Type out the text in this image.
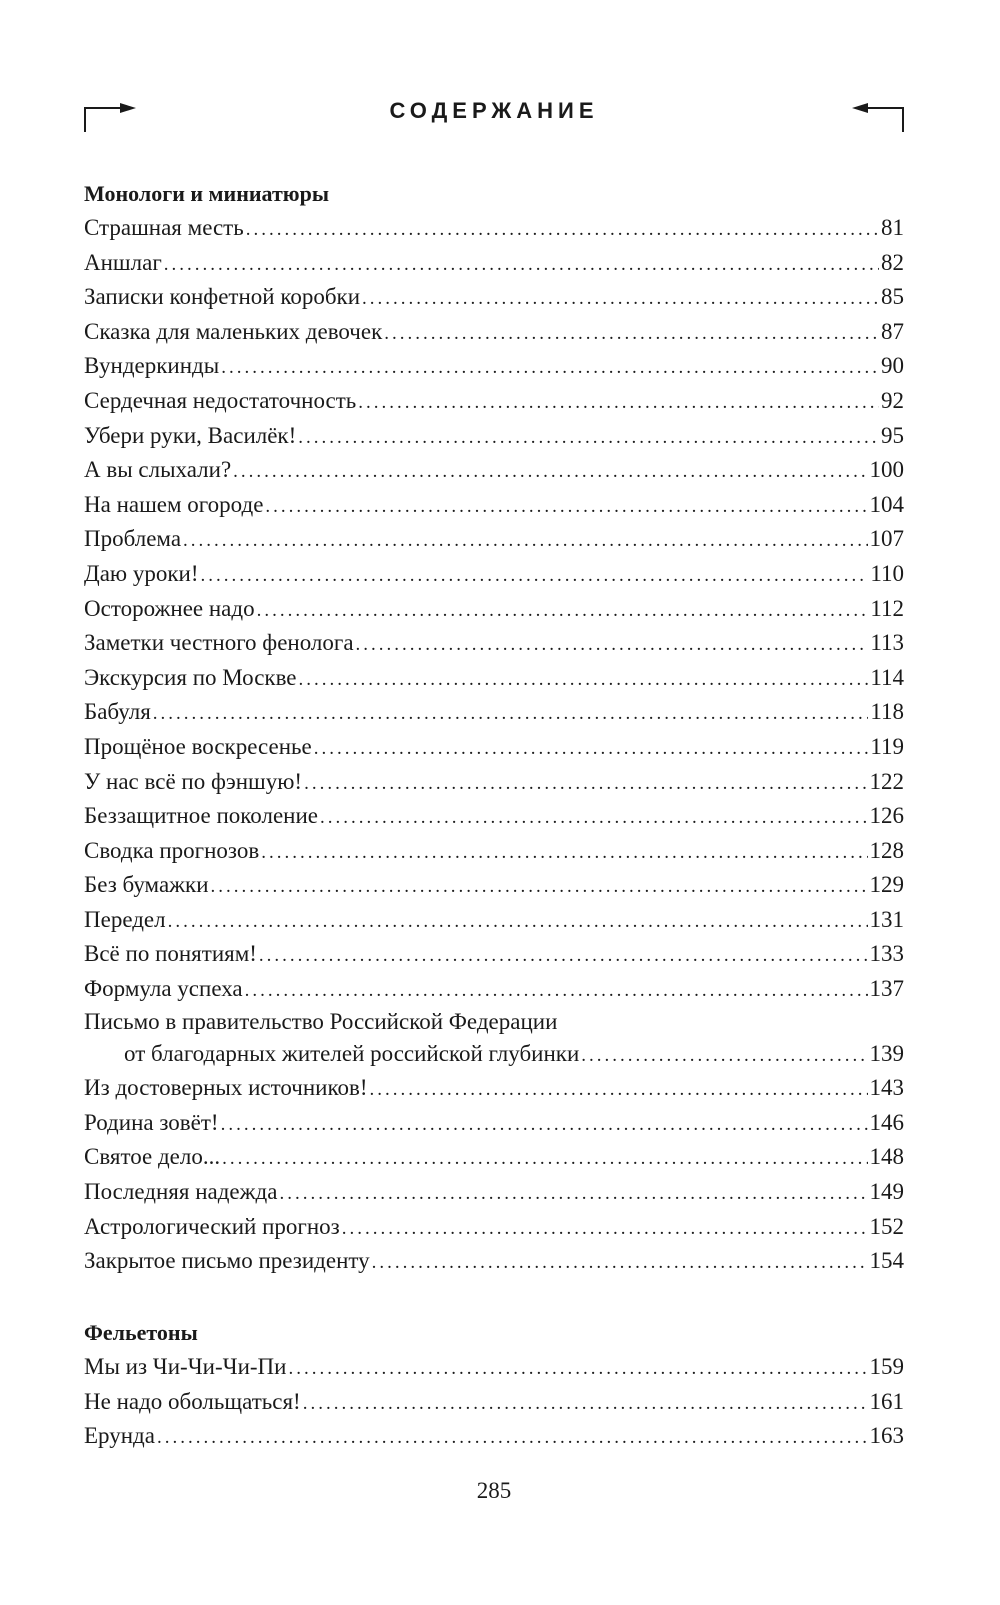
СОДЕРЖАНИЕ
Монологи и миниатюры
Страшная месть .....	81
Аншлаг .....	82
Записки конфетной коробки .....	85
Сказка для маленьких девочек .....	87
Вундеркинды .....	90
Сердечная недостаточность .....	92
Убери руки, Василёк! .....	95
А вы слыхали? .....	100
На нашем огороде .....	104
Проблема .....	107
Даю уроки! .....	110
Осторожнее надо .....	112
Заметки честного фенолога .....	113
Экскурсия по Москве .....	114
Бабуля .....	118
Прощёное воскресенье .....	119
У нас всё по фэншую! .....	122
Беззащитное поколение .....	126
Сводка прогнозов .....	128
Без бумажки .....	129
Передел .....	131
Всё по понятиям! .....	133
Формула успеха .....	137
Письмо в правительство Российской Федерации
от благодарных жителей российской глубинки .....	139
Из достоверных источников! .....	143
Родина зовёт! .....	146
Святое дело... .....	148
Последняя надежда .....	149
Астрологический прогноз .....	152
Закрытое письмо президенту .....	154
Фельетоны
Мы из Чи-Чи-Чи-Пи .....	159
Не надо обольщаться! .....	161
Ерунда .....	163
285
